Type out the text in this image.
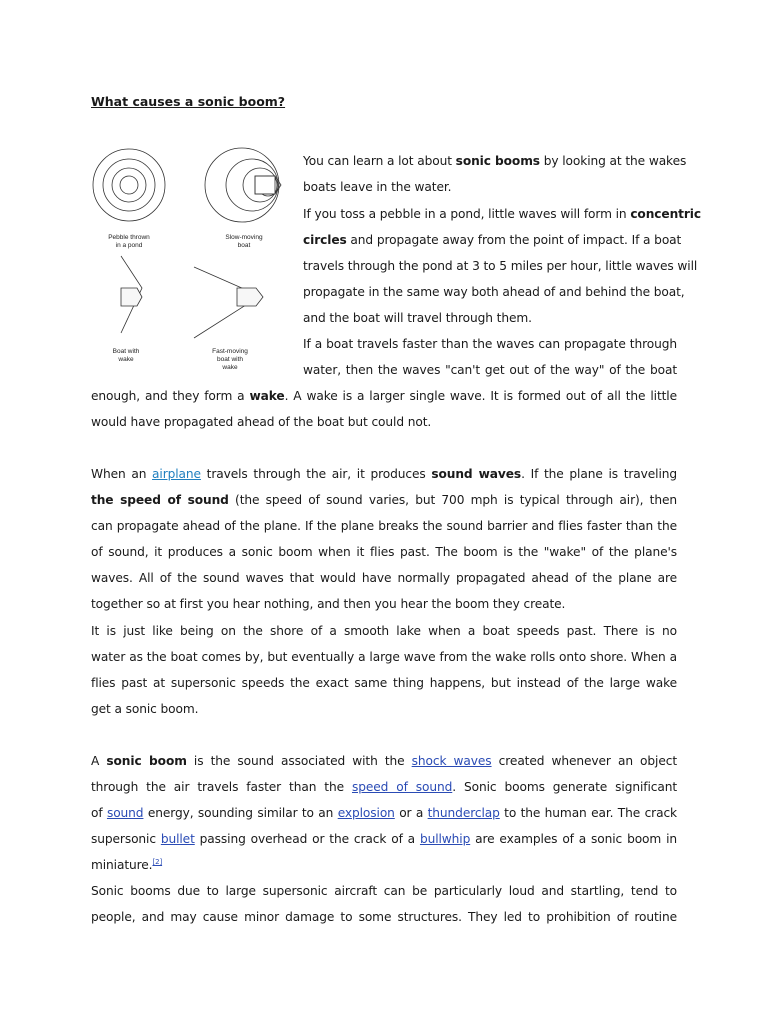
What causes a sonic boom?
Pebble thrown
in a pond
Slow-moving
boat
Boat with
wake
Fast-moving
boat with
wake

You can learn a lot about sonic booms by looking at the wakes

boats leave in the water.

If you toss a pebble in a pond, little waves will form in concentric

circles and propagate away from the point of impact. If a boat

travels through the pond at 3 to 5 miles per hour, little waves will

propagate in the same way both ahead of and behind the boat,

and the boat will travel through them.

If a boat travels faster than the waves can propagate through

water, then the waves "can't get out of the way" of the boat

enough, and they form a wake. A wake is a larger single wave. It is formed out of all the little

would have propagated ahead of the boat but could not.

When an airplane travels through the air, it produces sound waves. If the plane is traveling

the speed of sound (the speed of sound varies, but 700 mph is typical through air), then

can propagate ahead of the plane. If the plane breaks the sound barrier and flies faster than the

of sound, it produces a sonic boom when it flies past. The boom is the "wake" of the plane's

waves. All of the sound waves that would have normally propagated ahead of the plane are

together so at first you hear nothing, and then you hear the boom they create.

It is just like being on the shore of a smooth lake when a boat speeds past. There is no

water as the boat comes by, but eventually a large wave from the wake rolls onto shore. When a

flies past at supersonic speeds the exact same thing happens, but instead of the large wake

get a sonic boom.

A sonic boom is the sound associated with the shock waves created whenever an object

through the air travels faster than the speed of sound. Sonic booms generate significant

of sound energy, sounding similar to an explosion or a thunderclap to the human ear. The crack

supersonic bullet passing overhead or the crack of a bullwhip are examples of a sonic boom in

miniature.[2]

Sonic booms due to large supersonic aircraft can be particularly loud and startling, tend to

people, and may cause minor damage to some structures. They led to prohibition of routine
